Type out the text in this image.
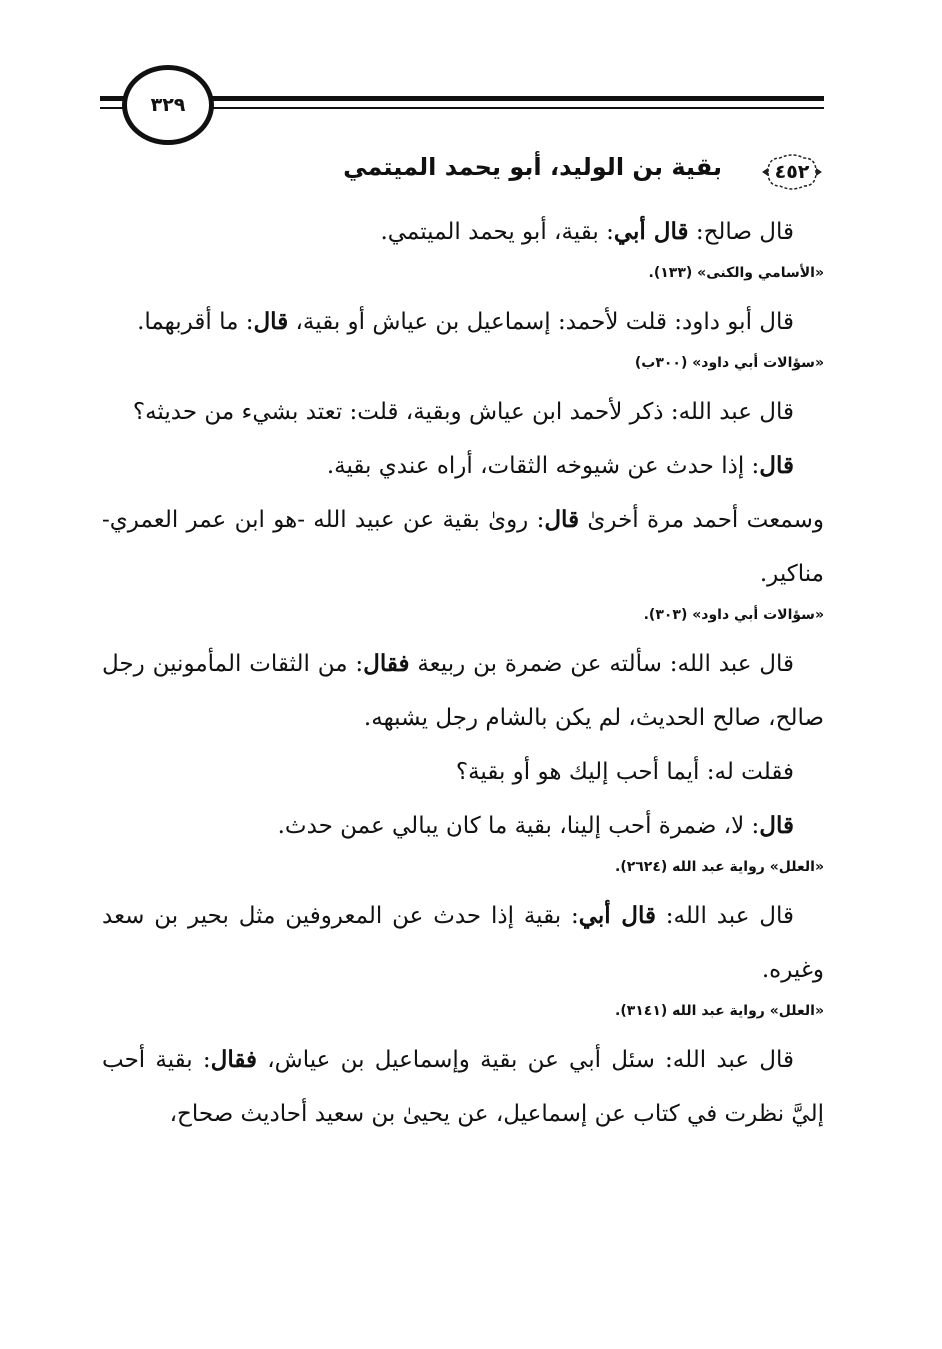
٣٢٩
٤٥٢
بقية بن الوليد، أبو يحمد الميتمي

قال صالح: قال أبي: بقية، أبو يحمد الميتمي.

«الأسامي والكنى» (١٣٣).

قال أبو داود: قلت لأحمد: إسماعيل بن عياش أو بقية، قال: ما أقربهما.

«سؤالات أبي داود» (٣٠٠ب)

قال عبد الله: ذكر لأحمد ابن عياش وبقية، قلت: تعتد بشيء من حديثه؟

قال: إذا حدث عن شيوخه الثقات، أراه عندي بقية.

وسمعت أحمد مرة أخرىٰ قال: روىٰ بقية عن عبيد الله -هو ابن عمر العمري- مناكير.

«سؤالات أبي داود» (٣٠٣).

قال عبد الله: سألته عن ضمرة بن ربيعة فقال: من الثقات المأمونين رجل صالح، صالح الحديث، لم يكن بالشام رجل يشبهه.

فقلت له: أيما أحب إليك هو أو بقية؟

قال: لا، ضمرة أحب إلينا، بقية ما كان يبالي عمن حدث.

«العلل» رواية عبد الله (٢٦٢٤).

قال عبد الله: قال أبي: بقية إذا حدث عن المعروفين مثل بحير بن سعد وغيره.

«العلل» رواية عبد الله (٣١٤١).

قال عبد الله: سئل أبي عن بقية وإسماعيل بن عياش، فقال: بقية أحب إليَّ نظرت في كتاب عن إسماعيل، عن يحيىٰ بن سعيد أحاديث صحاح،
